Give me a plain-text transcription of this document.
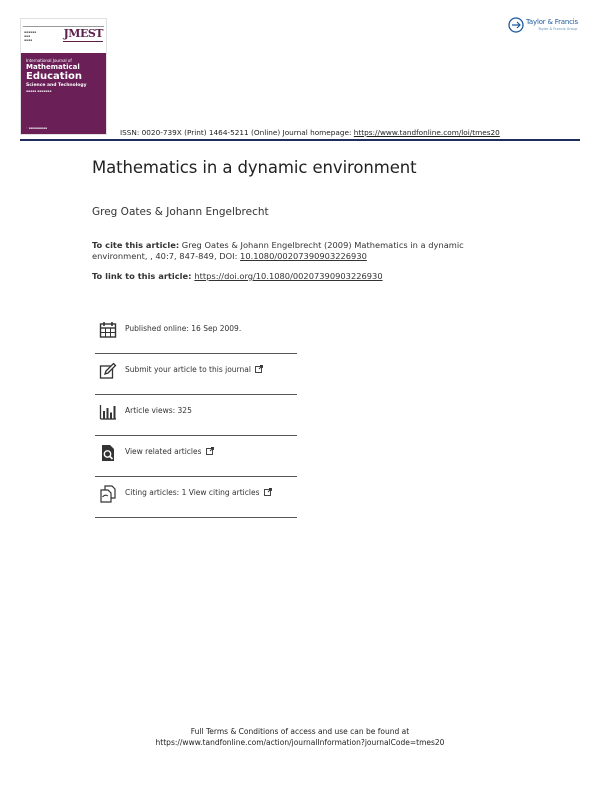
▪▪▪▪▪▪
▪▪▪
▪▪▪▪	JMEST
International Journal of
Mathematical
Education
Science and Technology
▪▪▪▪▪ ▪▪▪▪▪▪▪
◦ ▪▪▪▪▪▪▪▪▪
Taylor & Francis
Taylor & Francis Group
ISSN: 0020-739X (Print) 1464-5211 (Online) Journal homepage: https://www.tandfonline.com/loi/tmes20
Mathematics in a dynamic environment
Greg Oates & Johann Engelbrecht
To cite this article: Greg Oates & Johann Engelbrecht (2009) Mathematics in a dynamic environment, , 40:7, 847-849, DOI: 10.1080/00207390903226930
To link to this article: https://doi.org/10.1080/00207390903226930
Published online: 16 Sep 2009.
Submit your article to this journal
Article views: 325
View related articles
Citing articles: 1 View citing articles
Full Terms & Conditions of access and use can be found at
https://www.tandfonline.com/action/journalInformation?journalCode=tmes20
